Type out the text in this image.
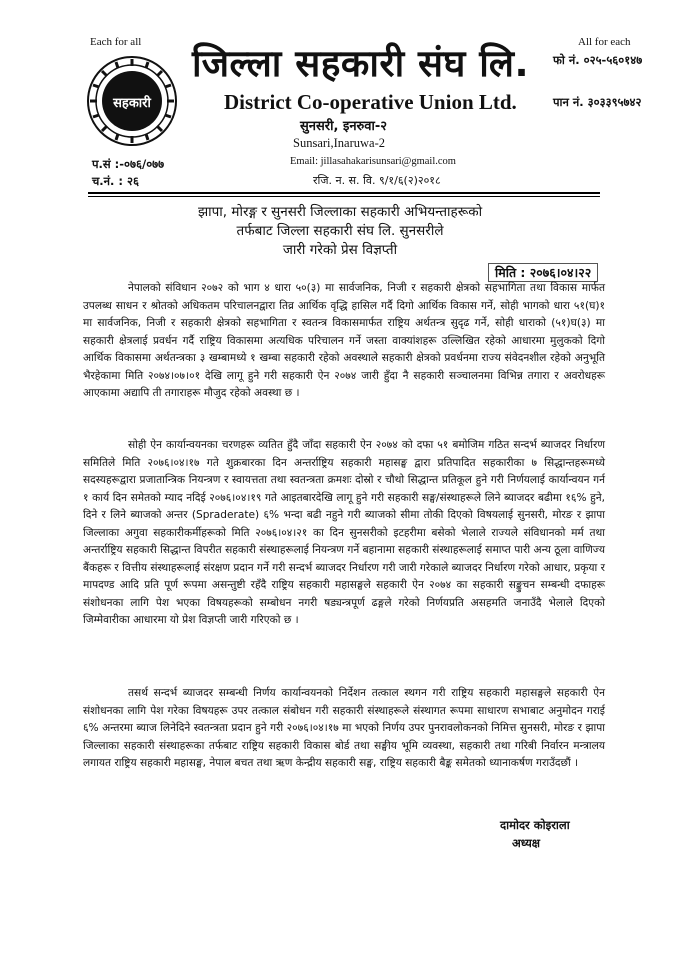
Each for all	All for each
सहकारी
जिल्ला सहकारी संघ लि.
District Co-operative Union Ltd.
सुनसरी, इनरुवा-२
Sunsari,Inaruwa-2
Email: jillasahakarisunsari@gmail.com
रजि. न. स. वि. ९/१/६(२)२०१८
फो नं. ०२५-५६०१४७
पान नं. ३०३३९५७४२
प.सं :-०७६/०७७
च.नं. : २६
झापा, मोरङ्ग र सुनसरी जिल्लाका सहकारी अभियन्ताहरूको
तर्फबाट जिल्ला सहकारी संघ लि. सुनसरीले
जारी गरेको प्रेस विज्ञप्ती
मिति : २०७६।०४।२२

नेपालको संविधान २०७२ को भाग ४ धारा ५०(३) मा सार्वजनिक, निजी र सहकारी क्षेत्रको सहभागिता तथा विकास मार्फत उपलब्ध साधन र श्रोतको अधिकतम परिचालनद्वारा तिव्र आर्थिक वृद्धि हासिल गर्दै दिगो आर्थिक विकास गर्ने, सोही भागको धारा ५१(घ)१ मा सार्वजनिक, निजी र सहकारी क्षेत्रको सहभागिता र स्वतन्त्र विकासमार्फत राष्ट्रिय अर्थतन्त्र सुदृढ गर्ने, सोही धाराको (५१)घ(३) मा सहकारी क्षेत्रलाई प्रवर्धन गर्दै राष्ट्रिय विकासमा अत्यधिक परिचालन गर्ने जस्ता वाक्यांशहरू उल्लिखित रहेको आधारमा मुलुकको दिगो आर्थिक विकासमा अर्थतन्त्रका ३ खम्बामध्ये १ खम्बा सहकारी रहेको अवस्थाले सहकारी क्षेत्रको प्रवर्धनमा राज्य संवेदनशील रहेको अनुभूति भैरहेकामा मिति २०७४।०७।०१ देखि लागू हुने गरी सहकारी ऐन २०७४ जारी हुँदा नै सहकारी सञ्चालनमा विभिन्न तगारा र अवरोधहरू आएकामा अद्यापि ती तगाराहरू मौजुद रहेको अवस्था छ ।

सोही ऐन कार्यान्वयनका चरणहरू व्यतित हुँदै जाँदा सहकारी ऐन २०७४ को दफा ५१ बमोजिम गठित सन्दर्भ ब्याजदर निर्धारण समितिले मिति २०७६।०४।१७ गते शुक्रबारका दिन अन्तर्राष्ट्रिय सहकारी महासङ्घ द्वारा प्रतिपादित सहकारीका ७ सिद्धान्तहरूमध्ये सदस्यहरूद्वारा प्रजातान्त्रिक नियन्त्रण र स्वायत्तता तथा स्वतन्त्रता क्रमशः दोस्रो र चौथो सिद्धान्त प्रतिकूल हुने गरी निर्णयलाई कार्यान्वयन गर्न १ कार्य दिन समेतको म्याद नदिई २०७६।०४।१९ गते आइतबारदेखि लागू हुने गरी सहकारी सङ्घ/संस्थाहरूले लिने ब्याजदर बढीमा १६% हुने, दिने र लिने ब्याजको अन्तर (Spraderate) ६% भन्दा बढी नहुने गरी ब्याजको सीमा तोकी दिएको विषयलाई सुनसरी, मोरङ र झापा जिल्लाका अगुवा सहकारीकर्मीहरूको मिति २०७६।०४।२१ का दिन सुनसरीको इटहरीमा बसेको भेलाले राज्यले संविधानको मर्म तथा अन्तर्राष्ट्रिय सहकारी सिद्धान्त विपरीत सहकारी संस्थाहरूलाई नियन्त्रण गर्ने बहानामा सहकारी संस्थाहरूलाई समाप्त पारी अन्य ठूला वाणिज्य बैंकहरू र वित्तीय संस्थाहरूलाई संरक्षण प्रदान गर्ने गरी सन्दर्भ ब्याजदर निर्धारण गरी जारी गरेकाले ब्याजदर निर्धारण गरेको आधार, प्रकृया र मापदण्ड आदि प्रति पूर्ण रूपमा असन्तुष्टी रहँदै राष्ट्रिय सहकारी महासङ्घले सहकारी ऐन २०७४ का सहकारी सङ्कुचन सम्बन्धी दफाहरू संशोधनका लागि पेश भएका विषयहरूको सम्बोधन नगरी षड्यन्त्रपूर्ण ढङ्गले गरेको निर्णयप्रति असहमति जनाउँदै भेलाले दिएको जिम्मेवारीका आधारमा यो प्रेश विज्ञप्ती जारी गरिएको छ ।

तसर्थ सन्दर्भ ब्याजदर सम्बन्धी निर्णय कार्यान्वयनको निर्देशन तत्काल स्थगन गरी राष्ट्रिय सहकारी महासङ्घले सहकारी ऐन संशोधनका लागि पेश गरेका विषयहरू उपर तत्काल संबोधन गरी सहकारी संस्थाहरूले संस्थागत रूपमा साधारण सभाबाट अनुमोदन गराई ६% अन्तरमा ब्याज लिनेदिने स्वतन्त्रता प्रदान हुने गरी २०७६।०४।१७ मा भएको निर्णय उपर पुनरावलोकनको निमित्त सुनसरी, मोरङ र झापा जिल्लाका सहकारी संस्थाहरूका तर्फबाट राष्ट्रिय सहकारी विकास बोर्ड तथा सङ्घीय भूमि व्यवस्था, सहकारी तथा गरिबी निर्वारन मन्त्रालय लगायत राष्ट्रिय सहकारी महासङ्घ, नेपाल बचत तथा ऋण केन्द्रीय सहकारी सङ्घ, राष्ट्रिय सहकारी बैङ्क समेतको ध्यानाकर्षण गराउँदछौं ।

दामोदर कोइराला
अध्यक्ष
